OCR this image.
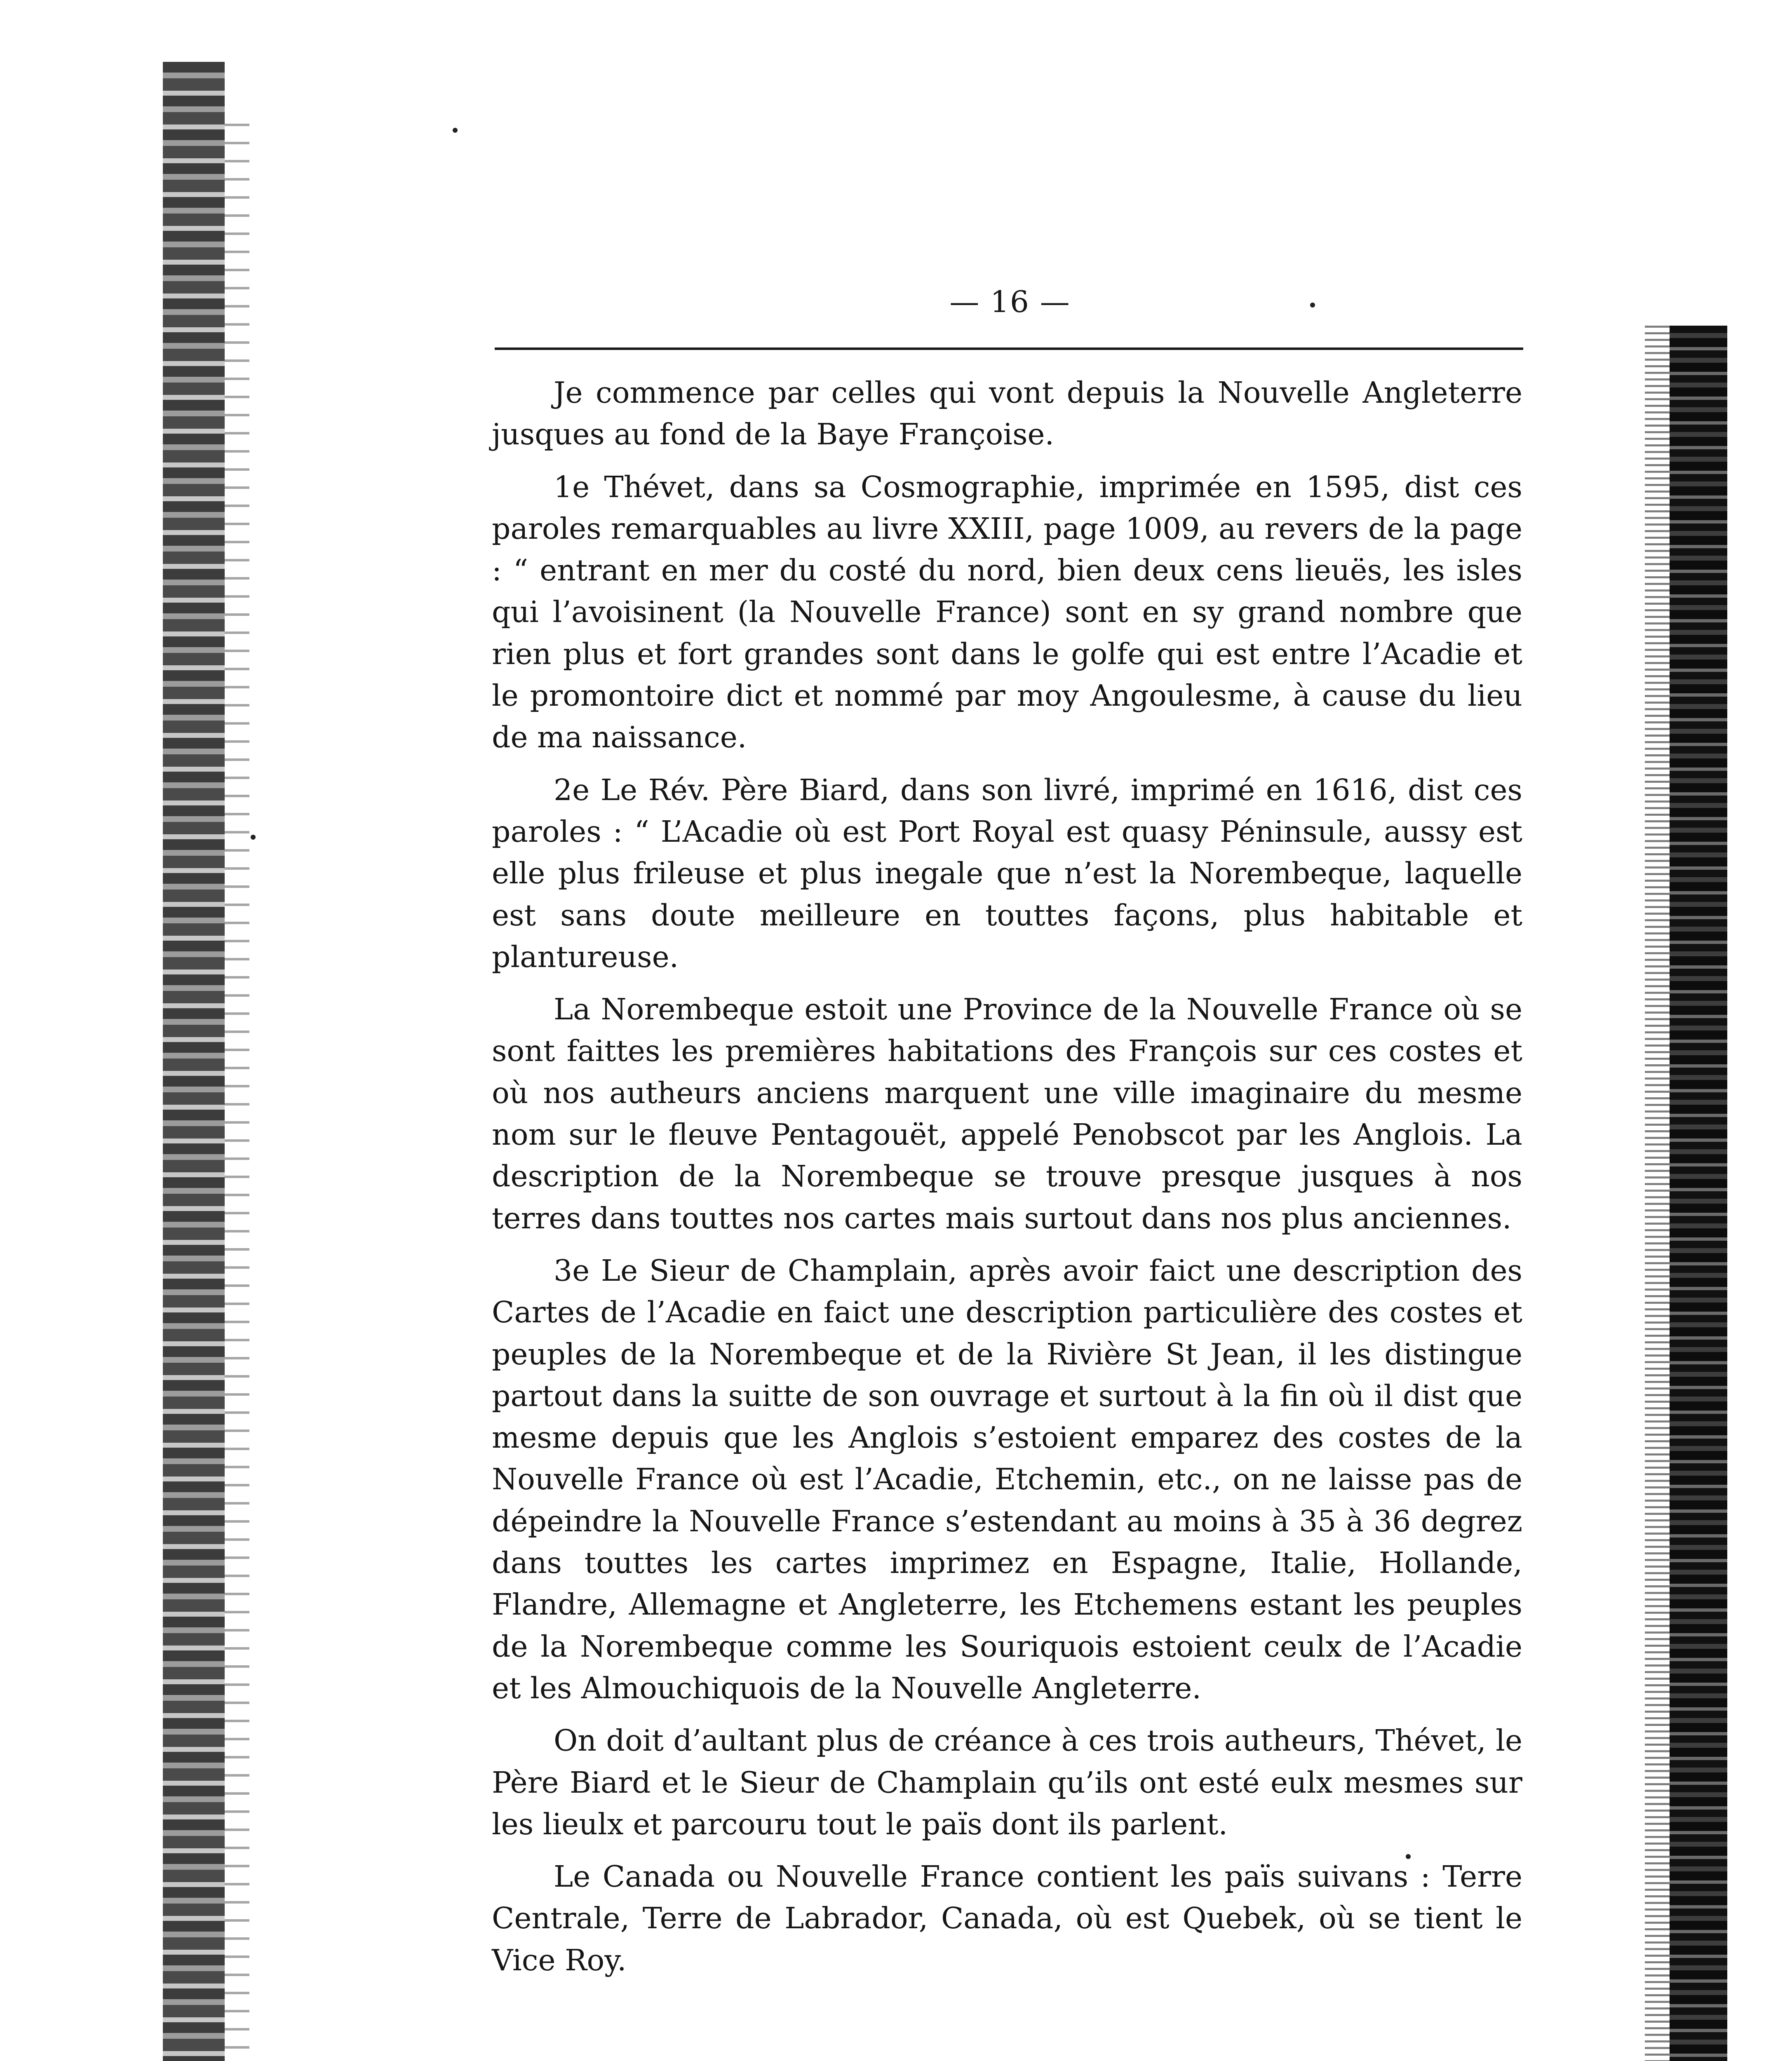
— 16 —

Je commence par celles qui vont depuis la Nouvelle Angleterre jusques au fond de la Baye Françoise.

1e Thévet, dans sa Cosmographie, imprimée en 1595, dist ces paroles remarquables au livre XXIII, page 1009, au revers de la page : “ entrant en mer du costé du nord, bien deux cens lieuës, les isles qui l’avoisinent (la Nouvelle France) sont en sy grand nombre que rien plus et fort grandes sont dans le golfe qui est entre l’Acadie et le promontoire dict et nommé par moy Angoulesme, à cause du lieu de ma naissance.

2e Le Rév. Père Biard, dans son livré, imprimé en 1616, dist ces paroles : “ L’Acadie où est Port Royal est quasy Péninsule, aussy est elle plus frileuse et plus inegale que n’est la Norembeque, laquelle est sans doute meilleure en touttes façons, plus habitable et plantureuse.

La Norembeque estoit une Province de la Nouvelle France où se sont faittes les premières habitations des François sur ces costes et où nos autheurs anciens marquent une ville imaginaire du mesme nom sur le fleuve Pentagouët, appelé Penobscot par les Anglois. La description de la Norembeque se trouve presque jusques à nos terres dans touttes nos cartes mais surtout dans nos plus anciennes.

3e Le Sieur de Champlain, après avoir faict une description des Cartes de l’Acadie en faict une description particulière des costes et peuples de la Norembeque et de la Rivière St Jean, il les distingue partout dans la suitte de son ouvrage et surtout à la fin où il dist que mesme depuis que les Anglois s’estoient emparez des costes de la Nouvelle France où est l’Acadie, Etchemin, etc., on ne laisse pas de dépeindre la Nouvelle France s’estendant au moins à 35 à 36 degrez dans touttes les cartes imprimez en Espagne, Italie, Hollande, Flandre, Allemagne et Angleterre, les Etchemens estant les peuples de la Norembeque comme les Souriquois estoient ceulx de l’Acadie et les Almouchiquois de la Nouvelle Angleterre.

On doit d’aultant plus de créance à ces trois autheurs, Thévet, le Père Biard et le Sieur de Champlain qu’ils ont esté eulx mesmes sur les lieulx et parcouru tout le païs dont ils parlent.

Le Canada ou Nouvelle France contient les païs suivans : Terre Centrale, Terre de Labrador, Canada, où est Quebek, où se tient le Vice Roy.
